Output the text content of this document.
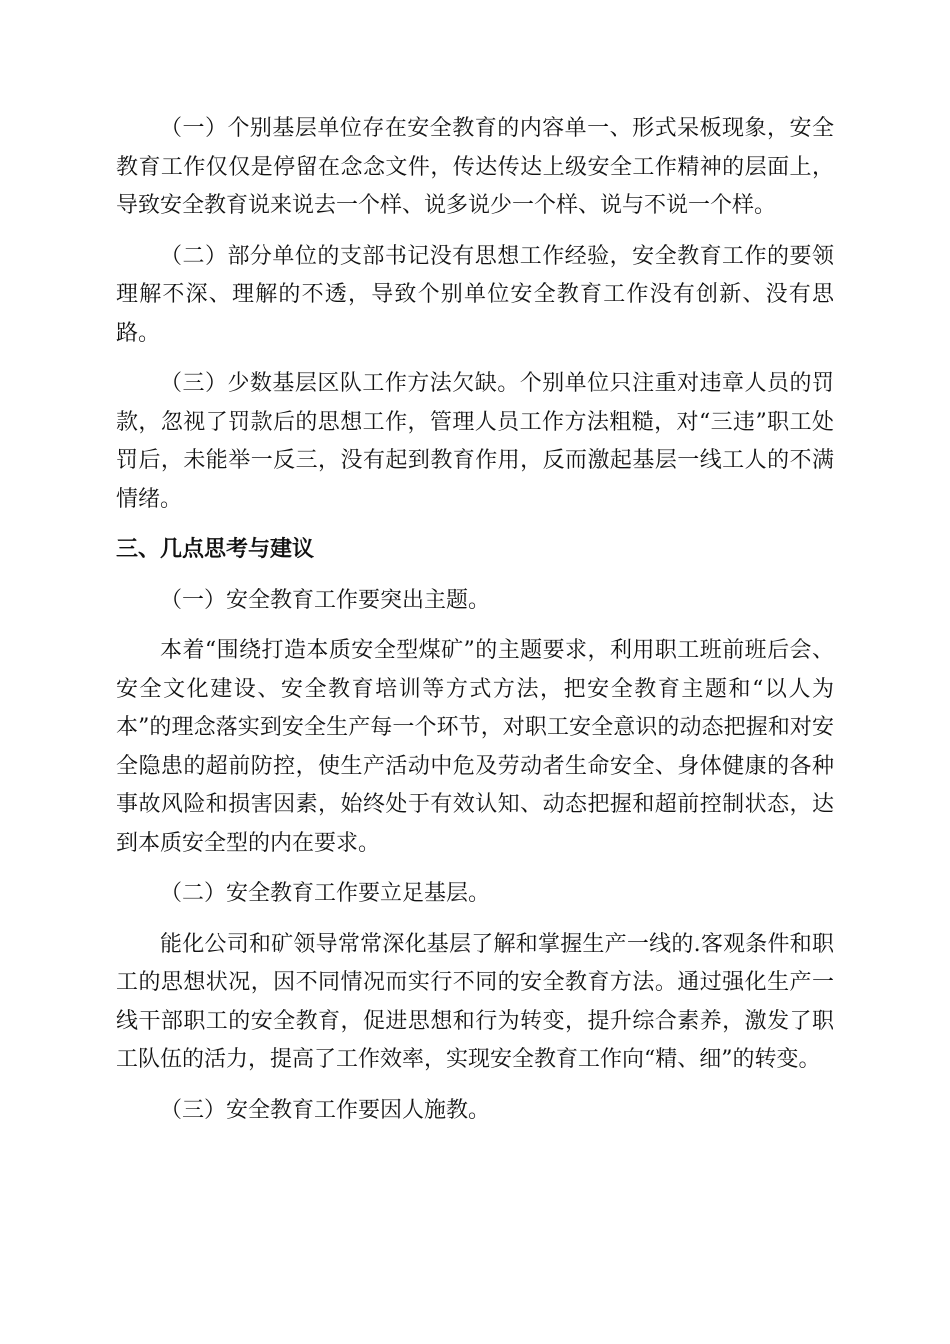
（一）个别基层单位存在安全教育的内容单一、形式呆板现象，安全教育工作仅仅是停留在念念文件，传达传达上级安全工作精神的层面上，导致安全教育说来说去一个样、说多说少一个样、说与不说一个样。

（二）部分单位的支部书记没有思想工作经验，安全教育工作的要领理解不深、理解的不透，导致个别单位安全教育工作没有创新、没有思路。

（三）少数基层区队工作方法欠缺。个别单位只注重对违章人员的罚款，忽视了罚款后的思想工作，管理人员工作方法粗糙，对“三违”职工处罚后，未能举一反三，没有起到教育作用，反而激起基层一线工人的不满情绪。

三、几点思考与建议

（一）安全教育工作要突出主题。

本着“围绕打造本质安全型煤矿”的主题要求，利用职工班前班后会、安全文化建设、安全教育培训等方式方法，把安全教育主题和“以人为本”的理念落实到安全生产每一个环节，对职工安全意识的动态把握和对安全隐患的超前防控，使生产活动中危及劳动者生命安全、身体健康的各种事故风险和损害因素，始终处于有效认知、动态把握和超前控制状态，达到本质安全型的内在要求。

（二）安全教育工作要立足基层。

能化公司和矿领导常常深化基层了解和掌握生产一线的.客观条件和职工的思想状况，因不同情况而实行不同的安全教育方法。通过强化生产一线干部职工的安全教育，促进思想和行为转变，提升综合素养，激发了职工队伍的活力，提高了工作效率，实现安全教育工作向“精、细”的转变。

（三）安全教育工作要因人施教。
